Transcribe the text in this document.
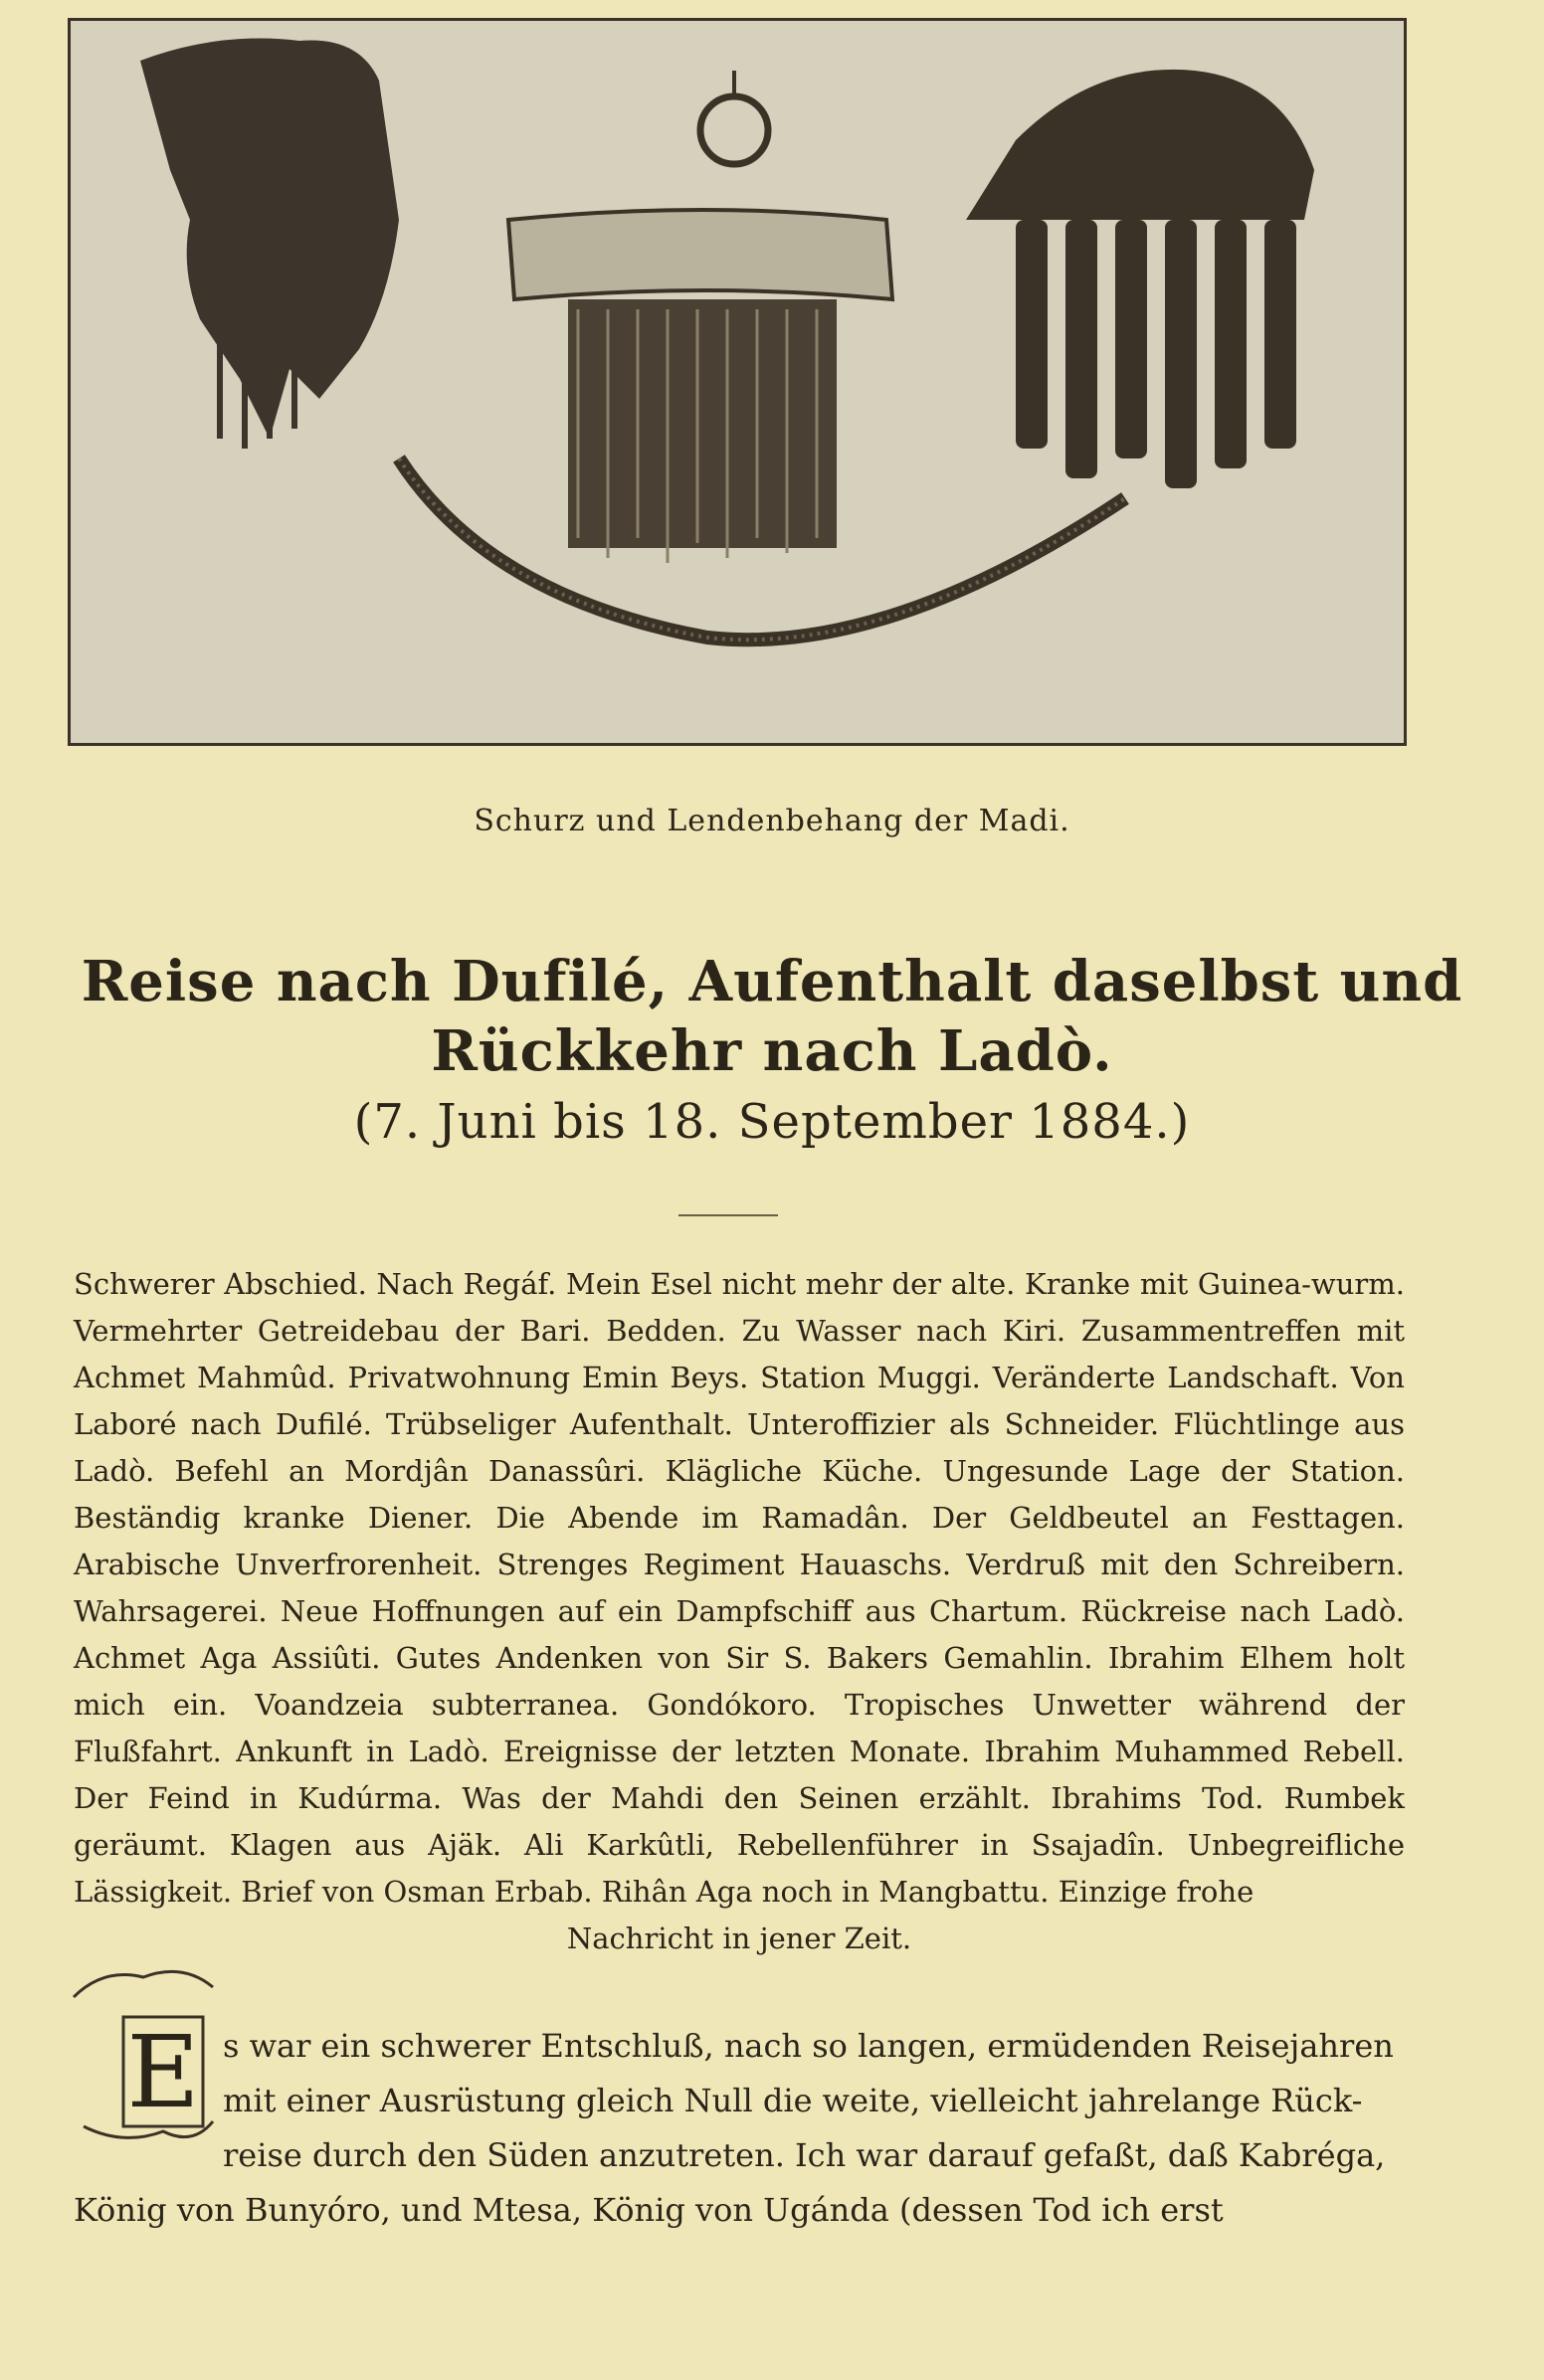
Schurz und Lendenbehang der Madi.
Reise nach Dufilé, Aufenthalt daselbst und Rückkehr nach Ladò.
(7. Juni bis 18. September 1884.)

Schwerer Abschied. Nach Regáf. Mein Esel nicht mehr der alte. Kranke mit Guinea-wurm. Vermehrter Getreidebau der Bari. Bedden. Zu Wasser nach Kiri. Zusammentreffen mit Achmet Mahmûd. Privatwohnung Emin Beys. Station Muggi. Veränderte Landschaft. Von Laboré nach Dufilé. Trübseliger Aufenthalt. Unteroffizier als Schneider. Flüchtlinge aus Ladò. Befehl an Mordjân Danassûri. Klägliche Küche. Ungesunde Lage der Station. Beständig kranke Diener. Die Abende im Ramadân. Der Geldbeutel an Festtagen. Arabische Unverfrorenheit. Strenges Regiment Hauaschs. Verdruß mit den Schreibern. Wahrsagerei. Neue Hoffnungen auf ein Dampfschiff aus Chartum. Rückreise nach Ladò. Achmet Aga Assiûti. Gutes Andenken von Sir S. Bakers Gemahlin. Ibrahim Elhem holt mich ein. Voandzeia subterranea. Gondókoro. Tropisches Unwetter während der Flußfahrt. Ankunft in Ladò. Ereignisse der letzten Monate. Ibrahim Muhammed Rebell. Der Feind in Kudúrma. Was der Mahdi den Seinen erzählt. Ibrahims Tod. Rumbek geräumt. Klagen aus Ajäk. Ali Karkûtli, Rebellenführer in Ssajadîn. Unbegreifliche Lässigkeit. Brief von Osman Erbab. Rihân Aga noch in Mangbattu. Einzige frohe

Nachricht in jener Zeit.

E s war ein schwerer Entschluß, nach so langen, ermüdenden Reisejahren
mit einer Ausrüstung gleich Null die weite, vielleicht jahrelange Rück-
reise durch den Süden anzutreten. Ich war darauf gefaßt, daß Kabréga,
König von Bunyóro, und Mtesa, König von Ugánda (dessen Tod ich erst
